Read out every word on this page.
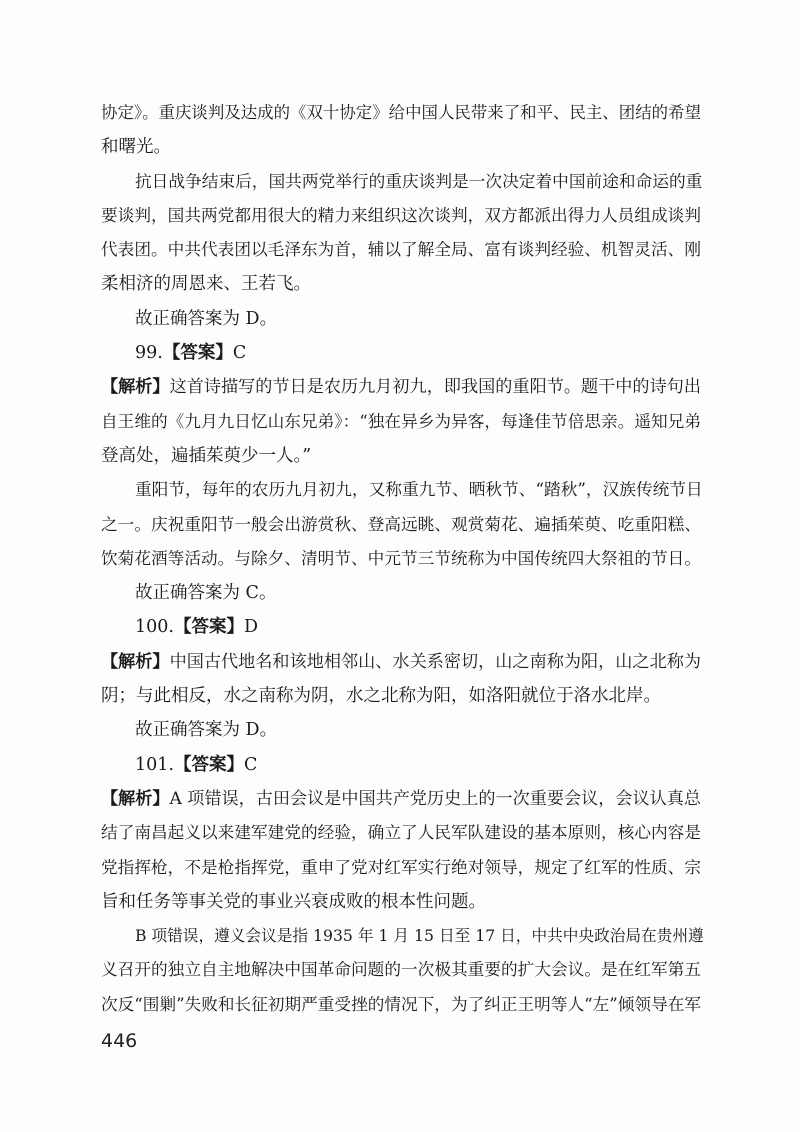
协定》。重庆谈判及达成的《双十协定》给中国人民带来了和平、民主、团结的希望
和曙光。
抗日战争结束后，国共两党举行的重庆谈判是一次决定着中国前途和命运的重
要谈判，国共两党都用很大的精力来组织这次谈判，双方都派出得力人员组成谈判
代表团。中共代表团以毛泽东为首，辅以了解全局、富有谈判经验、机智灵活、刚
柔相济的周恩来、王若飞。
故正确答案为 D。
99.【答案】C
【解析】这首诗描写的节日是农历九月初九，即我国的重阳节。题干中的诗句出
自王维的《九月九日忆山东兄弟》：“独在异乡为异客，每逢佳节倍思亲。遥知兄弟
登高处，遍插茱萸少一人。”
重阳节，每年的农历九月初九，又称重九节、晒秋节、“踏秋”，汉族传统节日
之一。庆祝重阳节一般会出游赏秋、登高远眺、观赏菊花、遍插茱萸、吃重阳糕、
饮菊花酒等活动。与除夕、清明节、中元节三节统称为中国传统四大祭祖的节日。
故正确答案为 C。
100.【答案】D
【解析】中国古代地名和该地相邻山、水关系密切，山之南称为阳，山之北称为
阴；与此相反，水之南称为阴，水之北称为阳，如洛阳就位于洛水北岸。
故正确答案为 D。
101.【答案】C
【解析】A 项错误，古田会议是中国共产党历史上的一次重要会议，会议认真总
结了南昌起义以来建军建党的经验，确立了人民军队建设的基本原则，核心内容是
党指挥枪，不是枪指挥党，重申了党对红军实行绝对领导，规定了红军的性质、宗
旨和任务等事关党的事业兴衰成败的根本性问题。
B 项错误，遵义会议是指 1935 年 1 月 15 日至 17 日，中共中央政治局在贵州遵
义召开的独立自主地解决中国革命问题的一次极其重要的扩大会议。是在红军第五
次反“围剿”失败和长征初期严重受挫的情况下，为了纠正王明等人“左”倾领导在军
446
